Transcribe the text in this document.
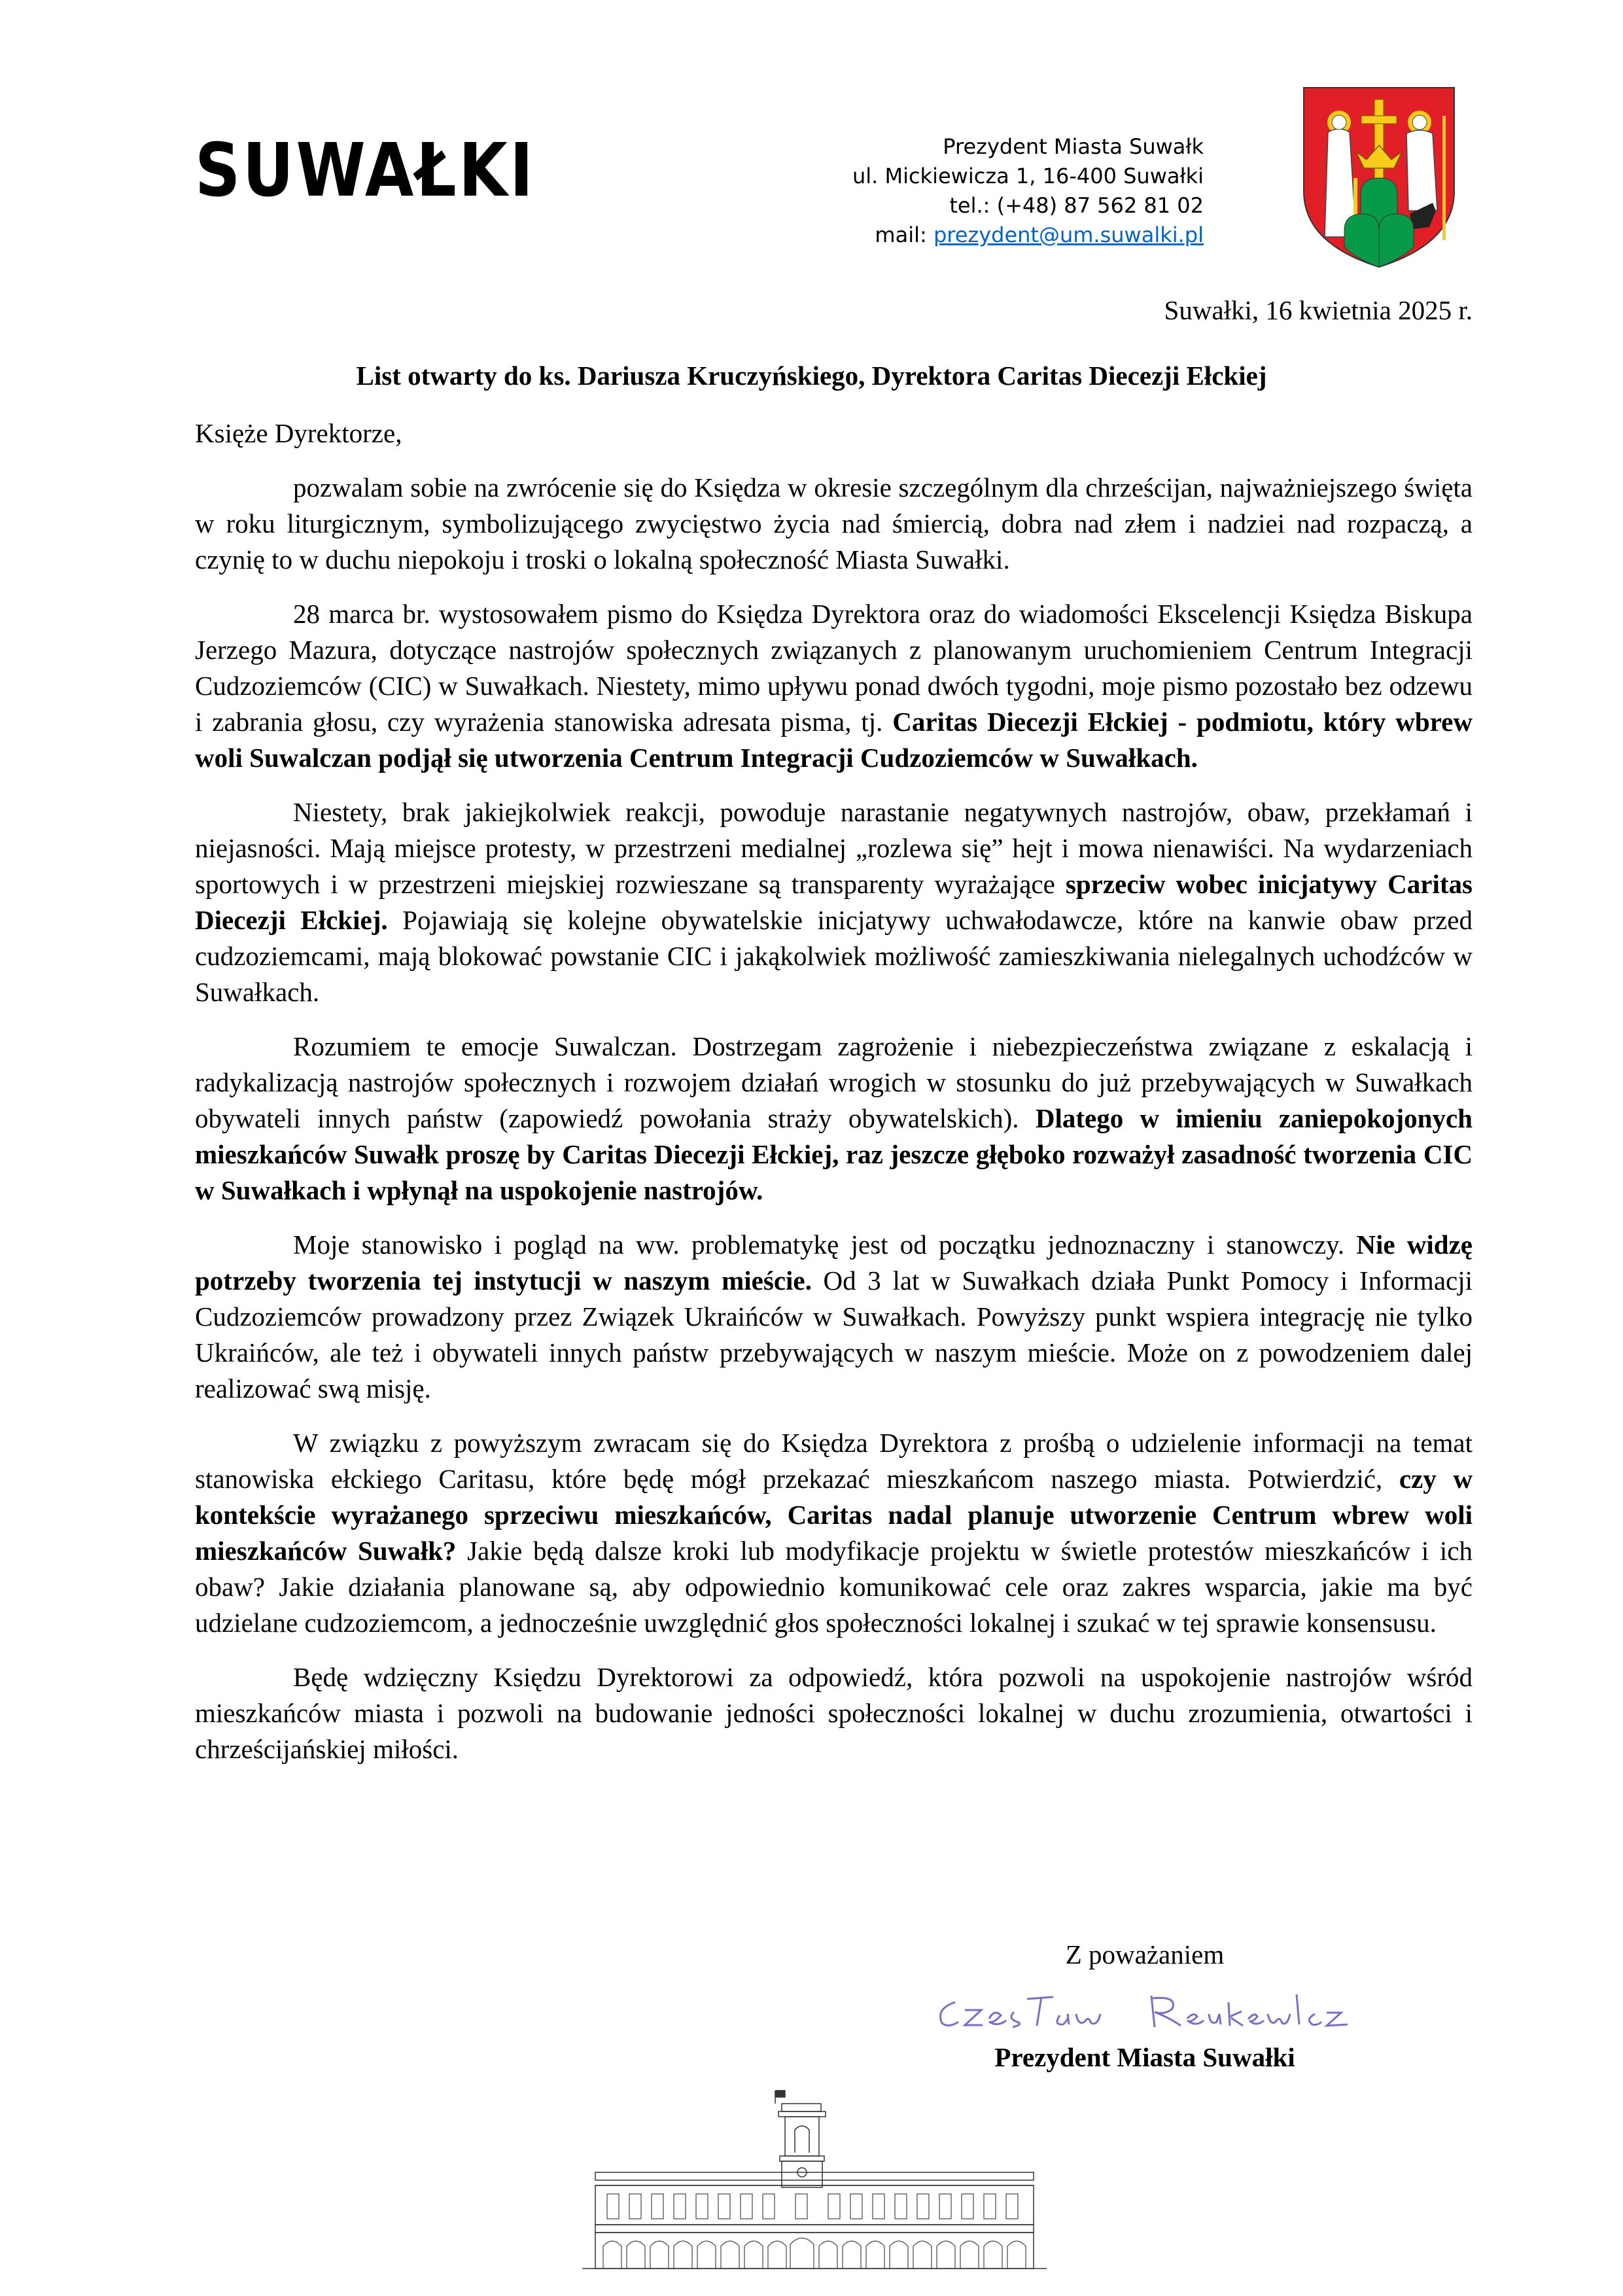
SUWAŁKI	Prezydent Miasta Suwałk
ul. Mickiewicza 1, 16-400 Suwałki
tel.: (+48) 87 562 81 02
mail: prezydent@um.suwalki.pl
Suwałki, 16 kwietnia 2025 r.
List otwarty do ks. Dariusza Kruczyńskiego, Dyrektora Caritas Diecezji Ełckiej
Księże Dyrektorze,

pozwalam sobie na zwrócenie się do Księdza w okresie szczególnym dla chrześcijan, najważniejszego święta w roku liturgicznym, symbolizującego zwycięstwo życia nad śmiercią, dobra nad złem i nadziei nad rozpaczą, a czynię to w duchu niepokoju i troski o lokalną społeczność Miasta Suwałki.

28 marca br. wystosowałem pismo do Księdza Dyrektora oraz do wiadomości Ekscelencji Księdza Biskupa Jerzego Mazura, dotyczące nastrojów społecznych związanych z planowanym uruchomieniem Centrum Integracji Cudzoziemców (CIC) w Suwałkach. Niestety, mimo upływu ponad dwóch tygodni, moje pismo pozostało bez odzewu i zabrania głosu, czy wyrażenia stanowiska adresata pisma, tj. Caritas Diecezji Ełckiej - podmiotu, który wbrew woli Suwalczan podjął się utworzenia Centrum Integracji Cudzoziemców w Suwałkach.

Niestety, brak jakiejkolwiek reakcji, powoduje narastanie negatywnych nastrojów, obaw, przekłamań i niejasności. Mają miejsce protesty, w przestrzeni medialnej „rozlewa się” hejt i mowa nienawiści. Na wydarzeniach sportowych i w przestrzeni miejskiej rozwieszane są transparenty wyrażające sprzeciw wobec inicjatywy Caritas Diecezji Ełckiej. Pojawiają się kolejne obywatelskie inicjatywy uchwałodawcze, które na kanwie obaw przed cudzoziemcami, mają blokować powstanie CIC i jakąkolwiek możliwość zamieszkiwania nielegalnych uchodźców w Suwałkach.

Rozumiem te emocje Suwalczan. Dostrzegam zagrożenie i niebezpieczeństwa związane z eskalacją i radykalizacją nastrojów społecznych i rozwojem działań wrogich w stosunku do już przebywających w Suwałkach obywateli innych państw (zapowiedź powołania straży obywatelskich). Dlatego w imieniu zaniepokojonych mieszkańców Suwałk proszę by Caritas Diecezji Ełckiej, raz jeszcze głęboko rozważył zasadność tworzenia CIC w Suwałkach i wpłynął na uspokojenie nastrojów.

Moje stanowisko i pogląd na ww. problematykę jest od początku jednoznaczny i stanowczy. Nie widzę potrzeby tworzenia tej instytucji w naszym mieście. Od 3 lat w Suwałkach działa Punkt Pomocy i Informacji Cudzoziemców prowadzony przez Związek Ukraińców w Suwałkach. Powyższy punkt wspiera integrację nie tylko Ukraińców, ale też i obywateli innych państw przebywających w naszym mieście. Może on z powodzeniem dalej realizować swą misję.

W związku z powyższym zwracam się do Księdza Dyrektora z prośbą o udzielenie informacji na temat stanowiska ełckiego Caritasu, które będę mógł przekazać mieszkańcom naszego miasta. Potwierdzić, czy w kontekście wyrażanego sprzeciwu mieszkańców, Caritas nadal planuje utworzenie Centrum wbrew woli mieszkańców Suwałk? Jakie będą dalsze kroki lub modyfikacje projektu w świetle protestów mieszkańców i ich obaw? Jakie działania planowane są, aby odpowiednio komunikować cele oraz zakres wsparcia, jakie ma być udzielane cudzoziemcom, a jednocześnie uwzględnić głos społeczności lokalnej i szukać w tej sprawie konsensusu.

Będę wdzięczny Księdzu Dyrektorowi za odpowiedź, która pozwoli na uspokojenie nastrojów wśród mieszkańców miasta i pozwoli na budowanie jedności społeczności lokalnej w duchu zrozumienia, otwartości i chrześcijańskiej miłości.

Z poważaniem
Prezydent Miasta Suwałki
